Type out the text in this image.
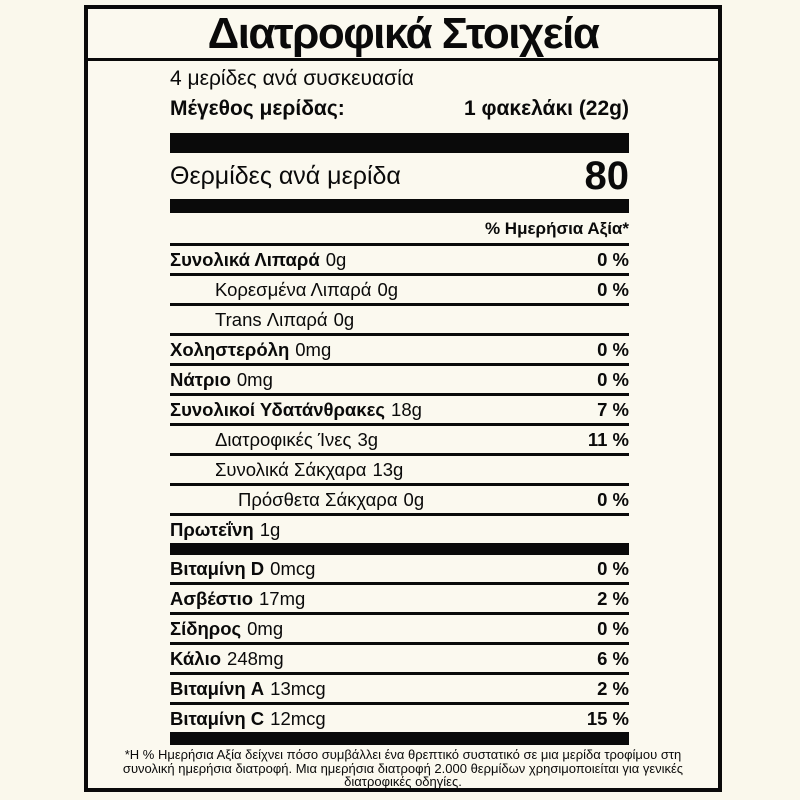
Διατροφικά Στοιχεία
4 μερίδες ανά συσκευασία
Μέγεθος μερίδας:	1 φακελάκι (22g)
Θερμίδες ανά μερίδα	80
% Ημερήσια Αξία*
Συνολικά Λιπαρά 0g	0 %
Κορεσμένα Λιπαρά 0g	0 %
Trans Λιπαρά 0g
Χοληστερόλη 0mg	0 %
Νάτριο 0mg	0 %
Συνολικοί Υδατάνθρακες 18g	7 %
Διατροφικές Ίνες 3g	11 %
Συνολικά Σάκχαρα 13g
Πρόσθετα Σάκχαρα 0g	0 %
Πρωτεΐνη 1g
Βιταμίνη D 0mcg	0 %
Ασβέστιο 17mg	2 %
Σίδηρος 0mg	0 %
Κάλιο 248mg	6 %
Βιταμίνη A 13mcg	2 %
Βιταμίνη C 12mcg	15 %
*Η % Ημερήσια Αξία δείχνει πόσο συμβάλλει ένα θρεπτικό συστατικό σε μια μερίδα τροφίμου στη συνολική ημερήσια διατροφή. Μια ημερήσια διατροφή 2.000 θερμίδων χρησιμοποιείται για γενικές διατροφικές οδηγίες.
